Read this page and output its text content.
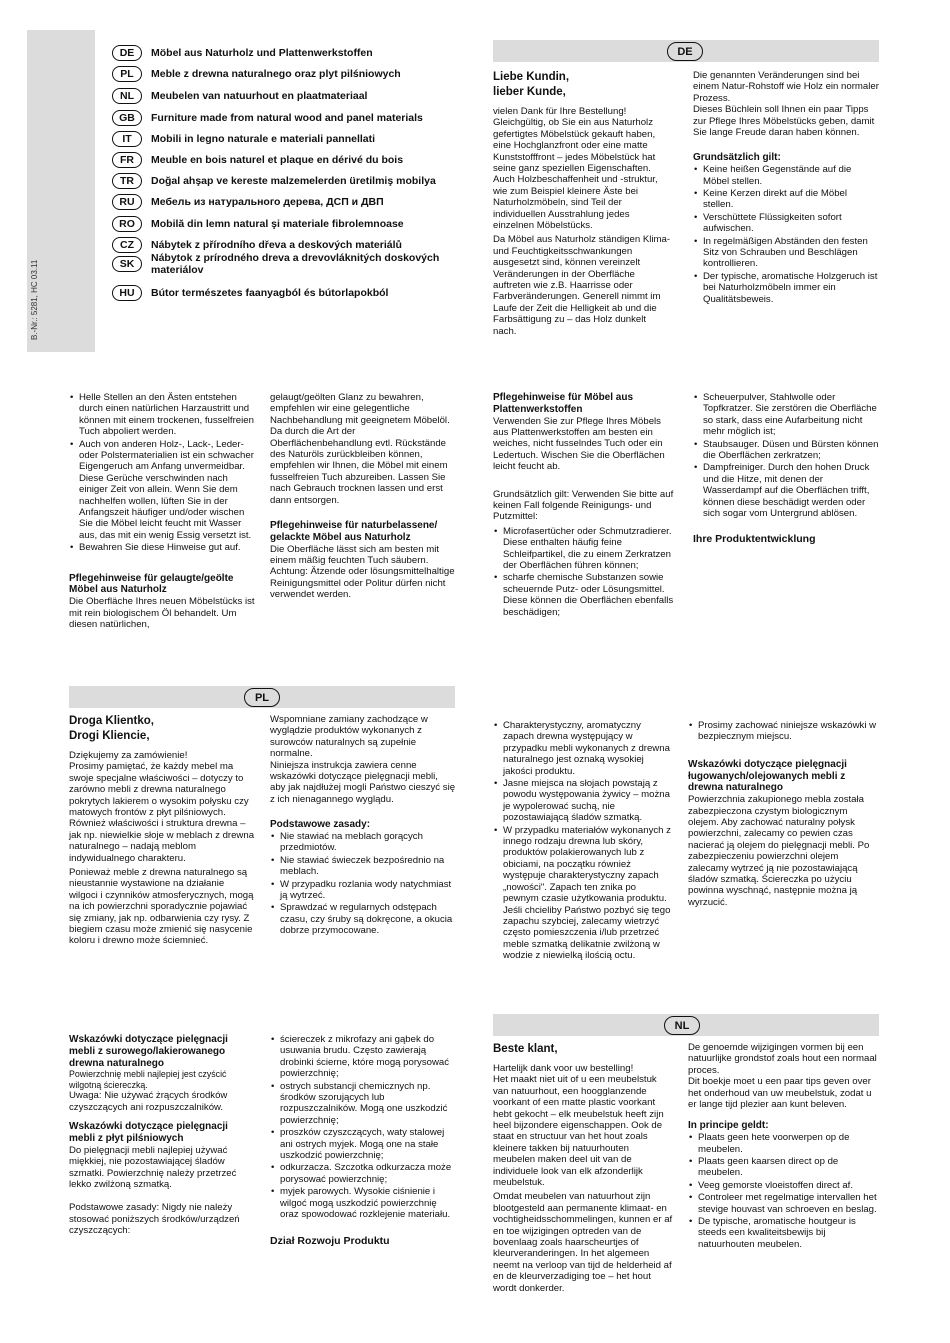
B.-Nr.: 5281, HC 03.11
DE	Möbel aus Naturholz und Plattenwerkstoffen
PL	Meble z drewna naturalnego oraz plyt pilśniowych
NL	Meubelen van natuurhout en plaatmateriaal
GB	Furniture made from natural wood and panel materials
IT	Mobili in legno naturale e materiali pannellati
FR	Meuble en bois naturel et plaque en dérivé du bois
TR	Doğal ahşap ve kereste malzemelerden üretilmiş mobilya
RU	Мебель из натурального дерева, ДСП и ДВП
RO	Mobilă din lemn natural şi materiale fibrolemnoase
CZ	Nábytek z přírodního dřeva a deskových materiálů
SK	Nábytok z prírodného dreva a drevovláknitých doskových materiálov
HU	Bútor természetes faanyagból és bútorlapokból
DE
Liebe Kundin,
lieber Kunde,

vielen Dank für Ihre Bestellung!

Gleichgültig, ob Sie ein aus Naturholz gefertigtes Möbelstück gekauft haben, eine Hochglanzfront oder eine matte Kunststofffront – jedes Möbelstück hat seine ganz speziellen Eigenschaften. Auch Holzbeschaffenheit und -struktur, wie zum Beispiel kleinere Äste bei Naturholzmöbeln, sind Teil der individuellen Ausstrahlung jedes einzelnen Möbelstücks.

Da Möbel aus Naturholz ständigen Klima- und Feuchtigkeitsschwankungen ausgesetzt sind, können vereinzelt Veränderungen in der Oberfläche auftreten wie z.B. Haarrisse oder Farbveränderungen. Generell nimmt im Laufe der Zeit die Helligkeit ab und die Farbsättigung zu – das Holz dunkelt nach.

Die genannten Veränderungen sind bei einem Natur-Rohstoff wie Holz ein normaler Prozess.

Dieses Büchlein soll Ihnen ein paar Tipps zur Pflege Ihres Möbelstücks geben, damit Sie lange Freude daran haben können.

Grundsätzlich gilt:
• Keine heißen Gegenstände auf die Möbel stellen.
• Keine Kerzen direkt auf die Möbel stellen.
• Verschüttete Flüssigkeiten sofort aufwischen.
• In regelmäßigen Abständen den festen Sitz von Schrauben und Beschlägen kontrollieren.
• Der typische, aromatische Holzgeruch ist bei Naturholzmöbeln immer ein Qualitätsbeweis.
• Helle Stellen an den Ästen entstehen durch einen natürlichen Harzaustritt und können mit einem trockenen, fusselfreien Tuch abpoliert werden.
• Auch von anderen Holz-, Lack-, Leder- oder Polstermaterialien ist ein schwacher Eigengeruch am Anfang unvermeidbar. Diese Gerüche verschwinden nach einiger Zeit von allein. Wenn Sie dem nachhelfen wollen, lüften Sie in der Anfangszeit häufiger und/oder wischen Sie die Möbel leicht feucht mit Wasser aus, das mit ein wenig Essig versetzt ist.
• Bewahren Sie diese Hinweise gut auf.
Pflegehinweise für gelaugte/geölte Möbel aus Naturholz

Die Oberfläche Ihres neuen Möbelstücks ist mit rein biologischem Öl behandelt. Um diesen natürlichen,

gelaugt/geölten Glanz zu bewahren, empfehlen wir eine gelegentliche Nachbehandlung mit geeignetem Möbelöl. Da durch die Art der Oberflächenbehandlung evtl. Rückstände des Naturöls zurückbleiben können, empfehlen wir Ihnen, die Möbel mit einem fusselfreien Tuch abzureiben. Lassen Sie nach Gebrauch trocknen lassen und erst dann entsorgen.

Pflegehinweise für naturbelassene/ gelackte Möbel aus Naturholz

Die Oberfläche lässt sich am besten mit einem mäßig feuchten Tuch säubern.

Achtung: Ätzende oder lösungsmittelhaltige Reinigungsmittel oder Politur dürfen nicht verwendet werden.

Pflegehinweise für Möbel aus Plattenwerkstoffen

Verwenden Sie zur Pflege Ihres Möbels aus Plattenwerkstoffen am besten ein weiches, nicht fusselndes Tuch oder ein Ledertuch. Wischen Sie die Oberflächen leicht feucht ab.

Grundsätzlich gilt: Verwenden Sie bitte auf keinen Fall folgende Reinigungs- und Putzmittel:

• Microfasertücher oder Schmutzradierer. Diese enthalten häufig feine Schleifpartikel, die zu einem Zerkratzen der Oberflächen führen können;
• scharfe chemische Substanzen sowie scheuernde Putz- oder Lösungsmittel. Diese können die Oberflächen ebenfalls beschädigen;
• Scheuerpulver, Stahlwolle oder Topfkratzer. Sie zerstören die Oberfläche so stark, dass eine Aufarbeitung nicht mehr möglich ist;
• Staubsauger. Düsen und Bürsten können die Oberflächen zerkratzen;
• Dampfreiniger. Durch den hohen Druck und die Hitze, mit denen der Wasserdampf auf die Oberflächen trifft, können diese beschädigt werden oder sich sogar vom Untergrund ablösen.
Ihre Produktentwicklung
PL
Droga Klientko,
Drogi Kliencie,

Dziękujemy za zamówienie!

Prosimy pamiętać, że każdy mebel ma swoje specjalne właściwości – dotyczy to zarówno mebli z drewna naturalnego pokrytych lakierem o wysokim połysku czy matowych frontów z płyt pilśniowych. Również właściwości i struktura drewna – jak np. niewielkie słoje w meblach z drewna naturalnego – nadają meblom indywidualnego charakteru.

Ponieważ meble z drewna naturalnego są nieustannie wystawione na działanie wilgoci i czynników atmosferycznych, mogą na ich powierzchni sporadycznie pojawiać się zmiany, jak np. odbarwienia czy rysy. Z biegiem czasu może zmienić się nasycenie koloru i drewno może ściemnieć.

Wspomniane zamiany zachodzące w wyglądzie produktów wykonanych z surowców naturalnych są zupełnie normalne.

Niniejsza instrukcja zawiera cenne wskazówki dotyczące pielęgnacji mebli, aby jak najdłużej mogli Państwo cieszyć się z ich nienagannego wyglądu.

Podstawowe zasady:
• Nie stawiać na meblach gorących przedmiotów.
• Nie stawiać świeczek bezpośrednio na meblach.
• W przypadku rozlania wody natychmiast ją wytrzeć.
• Sprawdzać w regularnych odstępach czasu, czy śruby są dokręcone, a okucia dobrze przymocowane.
• Charakterystyczny, aromatyczny zapach drewna występujący w przypadku mebli wykonanych z drewna naturalnego jest oznaką wysokiej jakości produktu.
• Jasne miejsca na słojach powstają z powodu występowania żywicy – można je wypolerować suchą, nie pozostawiającą śladów szmatką.
• W przypadku materiałów wykonanych z innego rodzaju drewna lub skóry, produktów polakierowanych lub z obiciami, na początku również występuje charakterystyczny zapach „nowości". Zapach ten znika po pewnym czasie użytkowania produktu. Jeśli chcieliby Państwo pozbyć się tego zapachu szybciej, zalecamy wietrzyć często pomieszczenia i/lub przetrzeć meble szmatką delikatnie zwilżoną w wodzie z niewielką ilością octu.
• Prosimy zachować niniejsze wskazówki w bezpiecznym miejscu.
Wskazówki dotyczące pielęgnacji ługowanych/olejowanych mebli z drewna naturalnego

Powierzchnia zakupionego mebla została zabezpieczona czystym biologicznym olejem. Aby zachować naturalny połysk powierzchni, zalecamy co pewien czas nacierać ją olejem do pielęgnacji mebli. Po zabezpieczeniu powierzchni olejem zalecamy wytrzeć ją nie pozostawiającą śladów szmatką. Ściereczka po użyciu powinna wyschnąć, następnie można ją wyrzucić.

Wskazówki dotyczące pielęgnacji mebli z surowego/lakierowanego drewna naturalnego

Powierzchnię mebli najlepiej jest czyścić wilgotną ściereczką.

Uwaga: Nie używać żrących środków czyszczących ani rozpuszczalników.

Wskazówki dotyczące pielęgnacji mebli z płyt pilśniowych

Do pielęgnacji mebli najlepiej używać miękkiej, nie pozostawiającej śladów szmatki. Powierzchnię należy przetrzeć lekko zwilżoną szmatką.

Podstawowe zasady: Nigdy nie należy stosować poniższych środków/urządzeń czyszczących:

• ściereczek z mikrofazy ani gąbek do usuwania brudu. Często zawierają drobinki ścierne, które mogą porysować powierzchnię;
• ostrych substancji chemicznych np. środków szorujących lub rozpuszczalników. Mogą one uszkodzić powierzchnię;
• proszków czyszczących, waty stalowej ani ostrych myjek. Mogą one na stałe uszkodzić powierzchnię;
• odkurzacza. Szczotka odkurzacza może porysować powierzchnię;
• myjek parowych. Wysokie ciśnienie i wilgoć mogą uszkodzić powierzchnię oraz spowodować rozklejenie materiału.
Dział Rozwoju Produktu
NL
Beste klant,

Hartelijk dank voor uw bestelling!

Het maakt niet uit of u een meubelstuk van natuurhout, een hoogglanzende voorkant of een matte plastic voorkant hebt gekocht – elk meubelstuk heeft zijn heel bijzondere eigenschappen. Ook de staat en structuur van het hout zoals kleinere takken bij natuurhouten meubelen maken deel uit van de individuele look van elk afzonderlijk meubelstuk.

Omdat meubelen van natuurhout zijn blootgesteld aan permanente klimaat- en vochtigheidsschommelingen, kunnen er af en toe wijzigingen optreden van de bovenlaag zoals haarscheurtjes of kleurveranderingen. In het algemeen neemt na verloop van tijd de helderheid af en de kleurverzadiging toe – het hout wordt donkerder.

De genoemde wijzigingen vormen bij een natuurlijke grondstof zoals hout een normaal proces.

Dit boekje moet u een paar tips geven over het onderhoud van uw meubelstuk, zodat u er lange tijd plezier aan kunt beleven.

In principe geldt:
• Plaats geen hete voorwerpen op de meubelen.
• Plaats geen kaarsen direct op de meubelen.
• Veeg gemorste vloeistoffen direct af.
• Controleer met regelmatige intervallen het stevige houvast van schroeven en beslag.
• De typische, aromatische houtgeur is steeds een kwaliteitsbewijs bij natuurhouten meubelen.
